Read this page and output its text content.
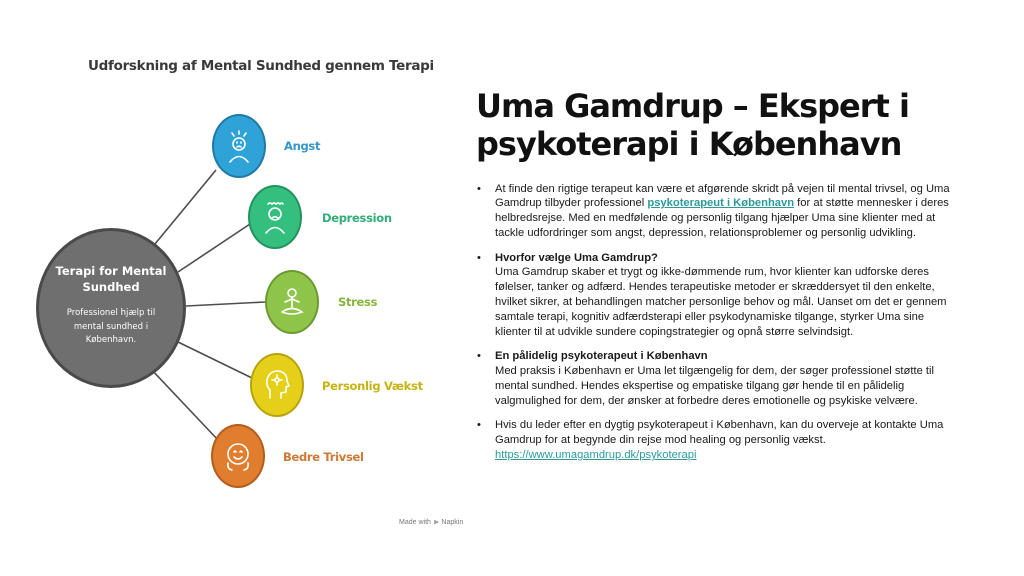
Udforskning af Mental Sundhed gennem Terapi
Terapi for Mental Sundhed
Professionel hjælp til mental sundhed i København.
Angst
Depression
Stress
Personlig Vækst
Bedre Trivsel
Made with ⫸ Napkin
Uma Gamdrup – Ekspert i psykoterapi i København
• At finde den rigtige terapeut kan være et afgørende skridt på vejen til mental trivsel, og Uma Gamdrup tilbyder professionel psykoterapeut i København for at støtte mennesker i deres helbredsrejse. Med en medfølende og personlig tilgang hjælper Uma sine klienter med at tackle udfordringer som angst, depression, relationsproblemer og personlig udvikling.
• Hvorfor vælge Uma Gamdrup?
Uma Gamdrup skaber et trygt og ikke-dømmende rum, hvor klienter kan udforske deres følelser, tanker og adfærd. Hendes terapeutiske metoder er skræddersyet til den enkelte, hvilket sikrer, at behandlingen matcher personlige behov og mål. Uanset om det er gennem samtale terapi, kognitiv adfærdsterapi eller psykodynamiske tilgange, styrker Uma sine klienter til at udvikle sundere copingstrategier og opnå større selvindsigt.
• En pålidelig psykoterapeut i København
Med praksis i København er Uma let tilgængelig for dem, der søger professionel støtte til mental sundhed. Hendes ekspertise og empatiske tilgang gør hende til en pålidelig valgmulighed for dem, der ønsker at forbedre deres emotionelle og psykiske velvære.
• Hvis du leder efter en dygtig psykoterapeut i København, kan du overveje at kontakte Uma Gamdrup for at begynde din rejse mod healing og personlig vækst.
https://www.umagamdrup.dk/psykoterapi
